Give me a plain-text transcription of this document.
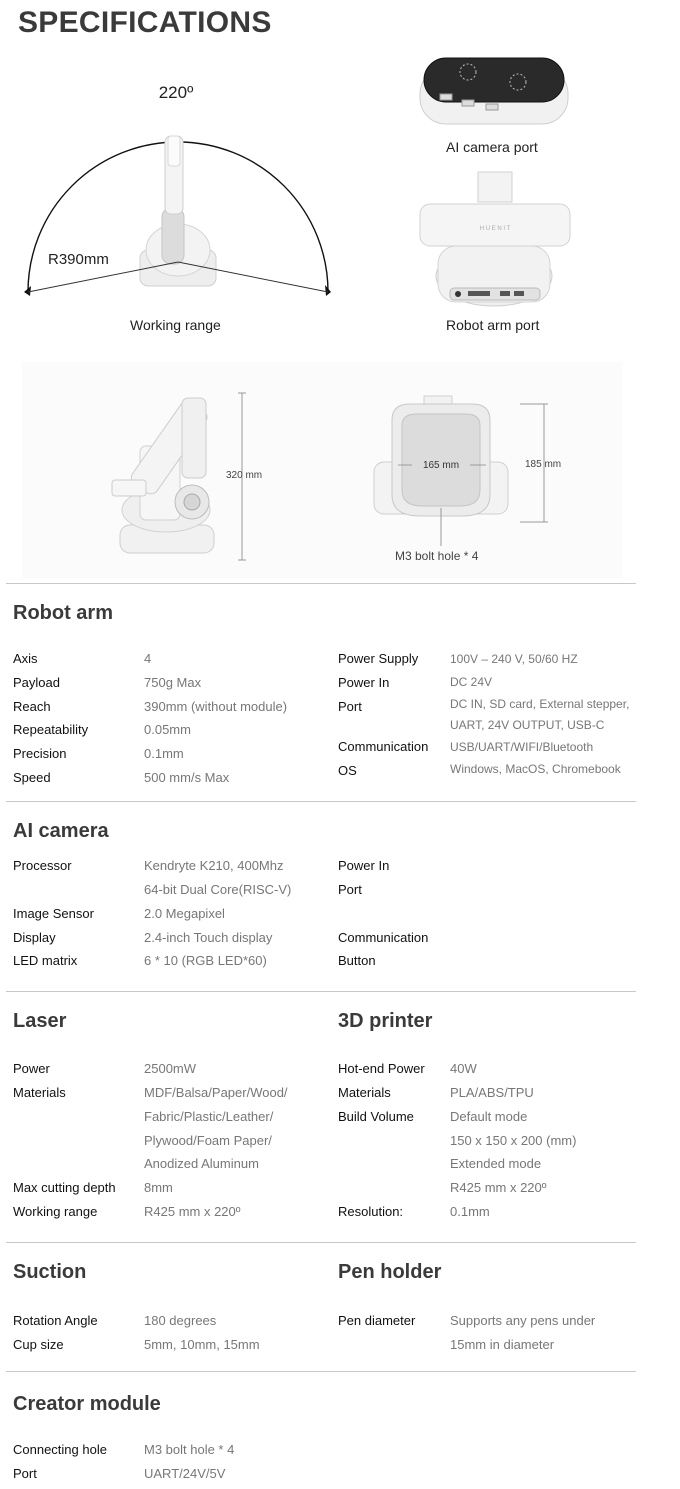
SPECIFICATIONS
220º
R390mm
Working range
AI camera port
H U E N I T
Robot arm port
320 mm
165 mm	185 mm
M3 bolt hole * 4
Robot arm
Axis	4
Payload	750g Max
Reach	390mm (without module)
Repeatability	0.05mm
Precision	0.1mm
Speed	500 mm/s Max
Power Supply	100V – 240 V, 50/60 HZ
Power In	DC 24V
Port	DC IN, SD card, External stepper,
UART, 24V OUTPUT, USB-C
Communication USB/UART/WIFI/Bluetooth
OS	Windows, MacOS, Chromebook
AI camera
Processor	Kendryte K210, 400Mhz
64-bit Dual Core(RISC-V)
Image Sensor	2.0 Megapixel
Display	2.4-inch Touch display
LED matrix	6 * 10 (RGB LED*60)
Power In
Port
Communication
Button
Laser	3D printer
Power	2500mW
Materials	MDF/Balsa/Paper/Wood/
Fabric/Plastic/Leather/
Plywood/Foam Paper/
Anodized Aluminum
Max cutting depth 8mm
Working range	R425 mm x 220º
Hot-end Power 40W
Materials	PLA/ABS/TPU
Build Volume	Default mode
150 x 150 x 200 (mm)
Extended mode
R425 mm x 220º
Resolution:	0.1mm
Suction	Pen holder
Rotation Angle	180 degrees
Cup size	5mm, 10mm, 15mm
Pen diameter	Supports any pens under
15mm in diameter
Creator module
Connecting hole	M3 bolt hole * 4
Port	UART/24V/5V
